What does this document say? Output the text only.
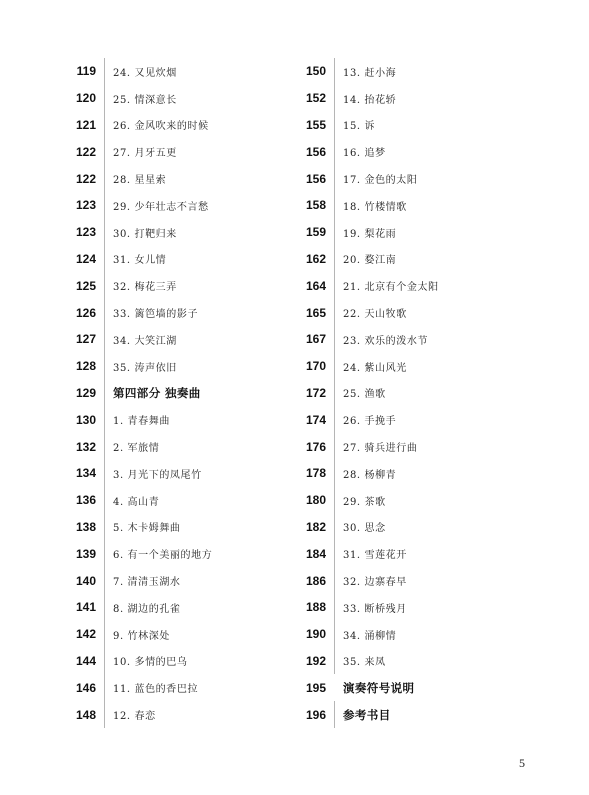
119	24. 又见炊烟
120	25. 情深意长
121	26. 金风吹来的时候
122	27. 月牙五更
122	28. 星星索
123	29. 少年壮志不言愁
123	30. 打靶归来
124	31. 女儿情
125	32. 梅花三弄
126	33. 篱笆墙的影子
127	34. 大笑江湖
128	35. 涛声依旧
129	第四部分 独奏曲
130	1. 青春舞曲
132	2. 军旅情
134	3. 月光下的凤尾竹
136	4. 高山青
138	5. 木卡姆舞曲
139	6. 有一个美丽的地方
140	7. 清清玉湖水
141	8. 湖边的孔雀
142	9. 竹林深处
144	10. 多情的巴乌
146	11. 蓝色的香巴拉
148	12. 春恋
150	13. 赶小海
152	14. 抬花轿
155	15. 诉
156	16. 追梦
156	17. 金色的太阳
158	18. 竹楼情歌
159	19. 梨花雨
162	20. 婺江南
164	21. 北京有个金太阳
165	22. 天山牧歌
167	23. 欢乐的泼水节
170	24. 紫山风光
172	25. 渔歌
174	26. 手挽手
176	27. 骑兵进行曲
178	28. 杨柳青
180	29. 茶歌
182	30. 思念
184	31. 雪莲花开
186	32. 边寨春早
188	33. 断桥残月
190	34. 涌柳情
192	35. 来凤
195	演奏符号说明
196	参考书目
5
